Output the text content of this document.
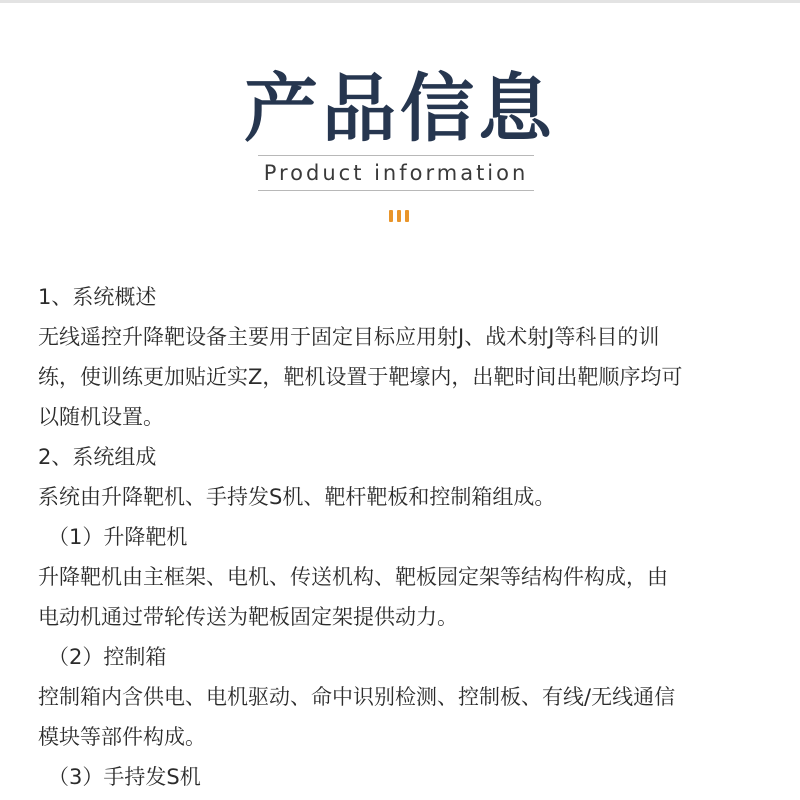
产品信息
Product information

1、系统概述

无线遥控升降靶设备主要用于固定目标应用射J、战术射J等科目的训

练，使训练更加贴近实Z，靶机设置于靶壕内，出靶时间出靶顺序均可

以随机设置。

2、系统组成

系统由升降靶机、手持发S机、靶杆靶板和控制箱组成。

（1）升降靶机

升降靶机由主框架、电机、传送机构、靶板园定架等结构件构成，由

电动机通过带轮传送为靶板固定架提供动力。

（2）控制箱

控制箱内含供电、电机驱动、命中识别检测、控制板、有线/无线通信

模块等部件构成。

（3）手持发S机
